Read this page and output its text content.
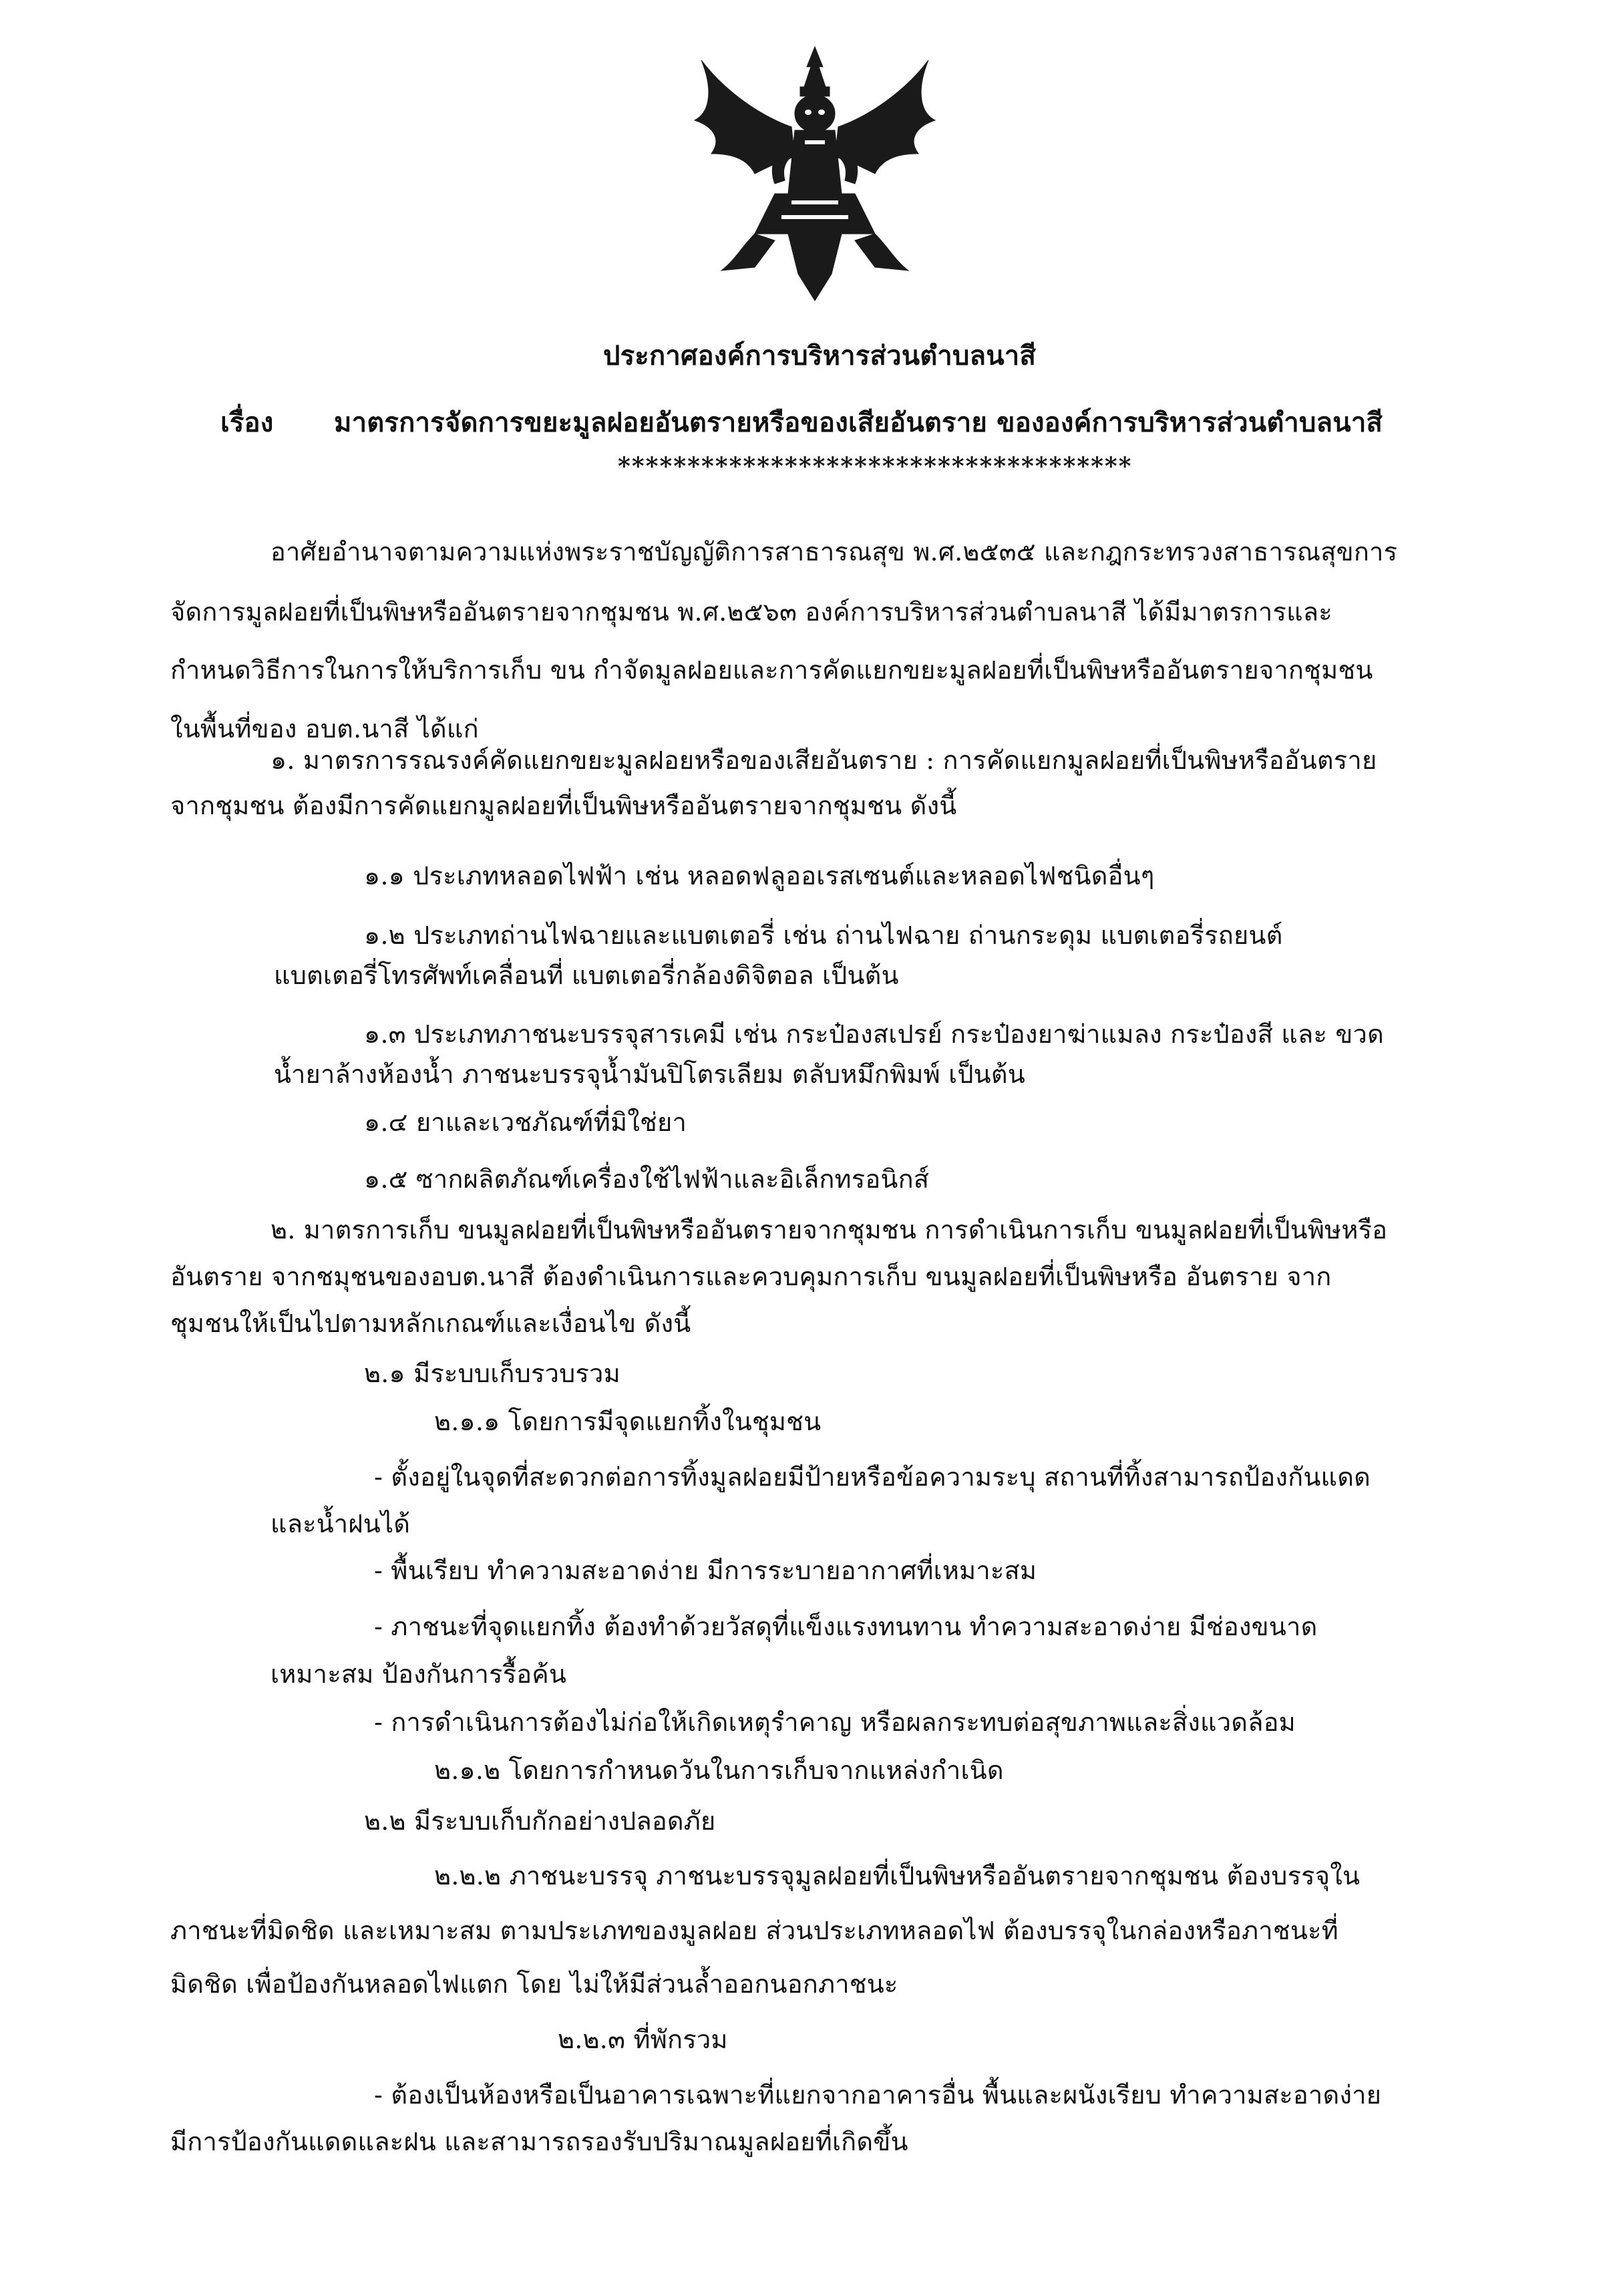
ประกาศองค์การบริหารส่วนตำบลนาสี
เรื่อง มาตรการจัดการขยะมูลฝอยอันตรายหรือของเสียอันตราย ขององค์การบริหารส่วนตำบลนาสี
*************************************
อาศัยอำนาจตามความแห่งพระราชบัญญัติการสาธารณสุข พ.ศ.๒๕๓๕ และกฎกระทรวงสาธารณสุขการ
จัดการมูลฝอยที่เป็นพิษหรืออันตรายจากชุมชน พ.ศ.๒๕๖๓ องค์การบริหารส่วนตำบลนาสี ได้มีมาตรการและ
กำหนดวิธีการในการให้บริการเก็บ ขน กำจัดมูลฝอยและการคัดแยกขยะมูลฝอยที่เป็นพิษหรืออันตรายจากชุมชน
ในพื้นที่ของ อบต.นาสี ได้แก่
๑. มาตรการรณรงค์คัดแยกขยะมูลฝอยหรือของเสียอันตราย : การคัดแยกมูลฝอยที่เป็นพิษหรืออันตราย
จากชุมชน ต้องมีการคัดแยกมูลฝอยที่เป็นพิษหรืออันตรายจากชุมชน ดังนี้
๑.๑ ประเภทหลอดไฟฟ้า เช่น หลอดฟลูออเรสเซนต์และหลอดไฟชนิดอื่นๆ
๑.๒ ประเภทถ่านไฟฉายและแบตเตอรี่ เช่น ถ่านไฟฉาย ถ่านกระดุม แบตเตอรี่รถยนต์
แบตเตอรี่โทรศัพท์เคลื่อนที่ แบตเตอรี่กล้องดิจิตอล เป็นต้น
๑.๓ ประเภทภาชนะบรรจุสารเคมี เช่น กระป๋องสเปรย์ กระป๋องยาฆ่าแมลง กระป๋องสี และ ขวด
น้ำยาล้างห้องน้ำ ภาชนะบรรจุน้ำมันปิโตรเลียม ตลับหมึกพิมพ์ เป็นต้น
๑.๔ ยาและเวชภัณฑ์ที่มิใช่ยา
๑.๕ ซากผลิตภัณฑ์เครื่องใช้ไฟฟ้าและอิเล็กทรอนิกส์
๒. มาตรการเก็บ ขนมูลฝอยที่เป็นพิษหรืออันตรายจากชุมชน การดำเนินการเก็บ ขนมูลฝอยที่เป็นพิษหรือ
อันตราย จากชมุชนของอบต.นาสี ต้องดำเนินการและควบคุมการเก็บ ขนมูลฝอยที่เป็นพิษหรือ อันตราย จาก
ชุมชนให้เป็นไปตามหลักเกณฑ์และเงื่อนไข ดังนี้
๒.๑ มีระบบเก็บรวบรวม
๒.๑.๑ โดยการมีจุดแยกทิ้งในชุมชน
- ตั้งอยู่ในจุดที่สะดวกต่อการทิ้งมูลฝอยมีป้ายหรือข้อความระบุ สถานที่ทิ้งสามารถป้องกันแดด
และน้ำฝนได้
- พื้นเรียบ ทำความสะอาดง่าย มีการระบายอากาศที่เหมาะสม
- ภาชนะที่จุดแยกทิ้ง ต้องทำด้วยวัสดุที่แข็งแรงทนทาน ทำความสะอาดง่าย มีช่องขนาด
เหมาะสม ป้องกันการรื้อค้น
- การดำเนินการต้องไม่ก่อให้เกิดเหตุรำคาญ หรือผลกระทบต่อสุขภาพและสิ่งแวดล้อม
๒.๑.๒ โดยการกำหนดวันในการเก็บจากแหล่งกำเนิด
๒.๒ มีระบบเก็บกักอย่างปลอดภัย
๒.๒.๒ ภาชนะบรรจุ ภาชนะบรรจุมูลฝอยที่เป็นพิษหรืออันตรายจากชุมชน ต้องบรรจุใน
ภาชนะที่มิดชิด และเหมาะสม ตามประเภทของมูลฝอย ส่วนประเภทหลอดไฟ ต้องบรรจุในกล่องหรือภาชนะที่
มิดชิด เพื่อป้องกันหลอดไฟแตก โดย ไม่ให้มีส่วนล้ำออกนอกภาชนะ
๒.๒.๓ ที่พักรวม
- ต้องเป็นห้องหรือเป็นอาคารเฉพาะที่แยกจากอาคารอื่น พื้นและผนังเรียบ ทำความสะอาดง่าย
มีการป้องกันแดดและฝน และสามารถรองรับปริมาณมูลฝอยที่เกิดขึ้น
